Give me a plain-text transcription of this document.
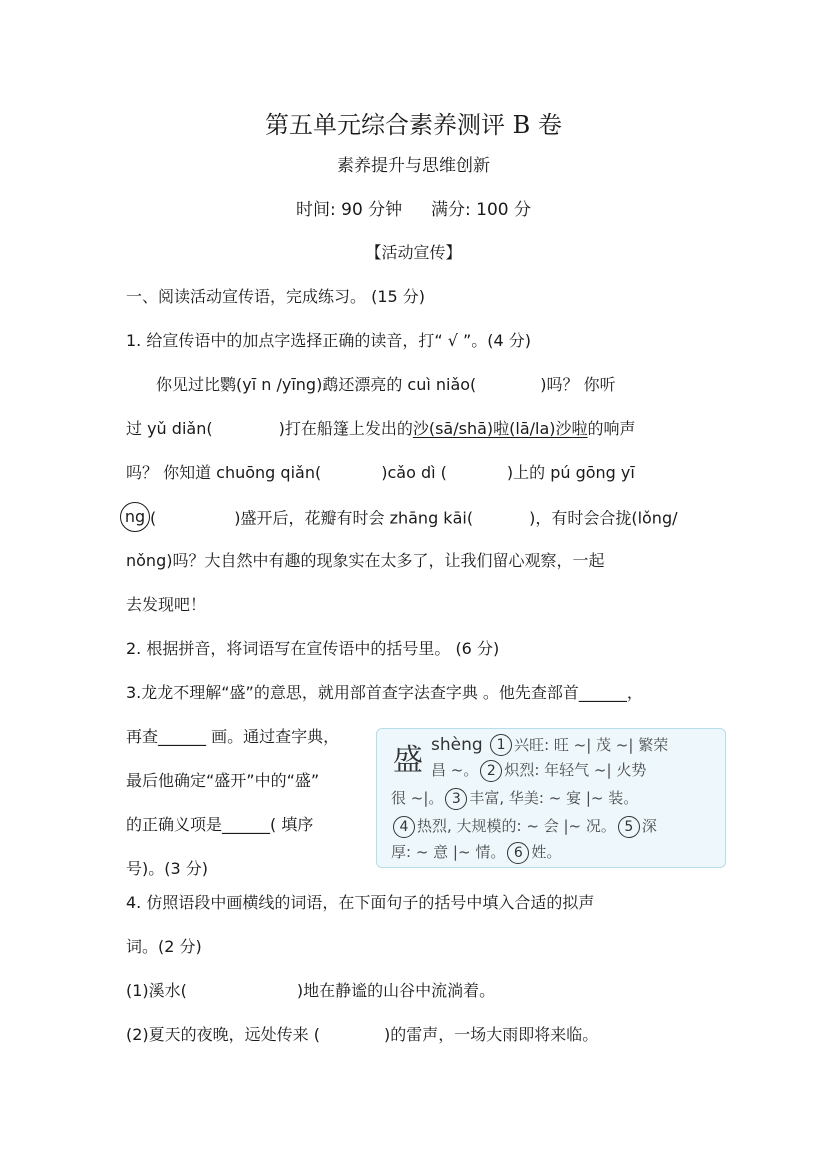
第五单元综合素养测评 B 卷
素养提升与思维创新
时间: 90 分钟 满分: 100 分
【活动宣传】
一、阅读活动宣传语，完成练习。 (15 分)
1. 给宣传语中的加点字选择正确的读音，打“ √ ”。(4 分)
你见过比鹦(yī n /yīng)鹉还漂亮的 cuì niǎo(	)吗？ 你听
过 yǔ diǎn(	)打在船篷上发出的沙(sā/shā)啦(lā/la)沙啦的响声
吗？ 你知道 chuōng qiǎn(	)cǎo dì (	)上的 pú gōng yī
ng (	)盛开后，花瓣有时会 zhāng kāi(	)，有时会合拢(lǒng/
nǒng)吗？大自然中有趣的现象实在太多了，让我们留心观察，一起
去发现吧！
2. 根据拼音，将词语写在宣传语中的括号里。 (6 分)
3.龙龙不理解“盛”的意思，就用部首查字法查字典 。他先查部首______，
再查______ 画。通过查字典，
最后他确定“盛开”中的“盛”
的正确义项是______( 填序
号)。(3 分)
盛 shèng 1 兴旺: 旺 ~| 茂 ~| 繁荣
昌 ~。 2 炽烈: 年轻气 ~| 火势
很 ~|。 3 丰富, 华美: ~ 宴 |~ 装。
4 热烈, 大规模的: ~ 会 |~ 况。 5 深
厚: ~ 意 |~ 情。 6 姓。
4. 仿照语段中画横线的词语，在下面句子的括号中填入合适的拟声
词。(2 分)
(1)溪水(	)地在静谧的山谷中流淌着。
(2)夏天的夜晚，远处传来 (	)的雷声，一场大雨即将来临。
